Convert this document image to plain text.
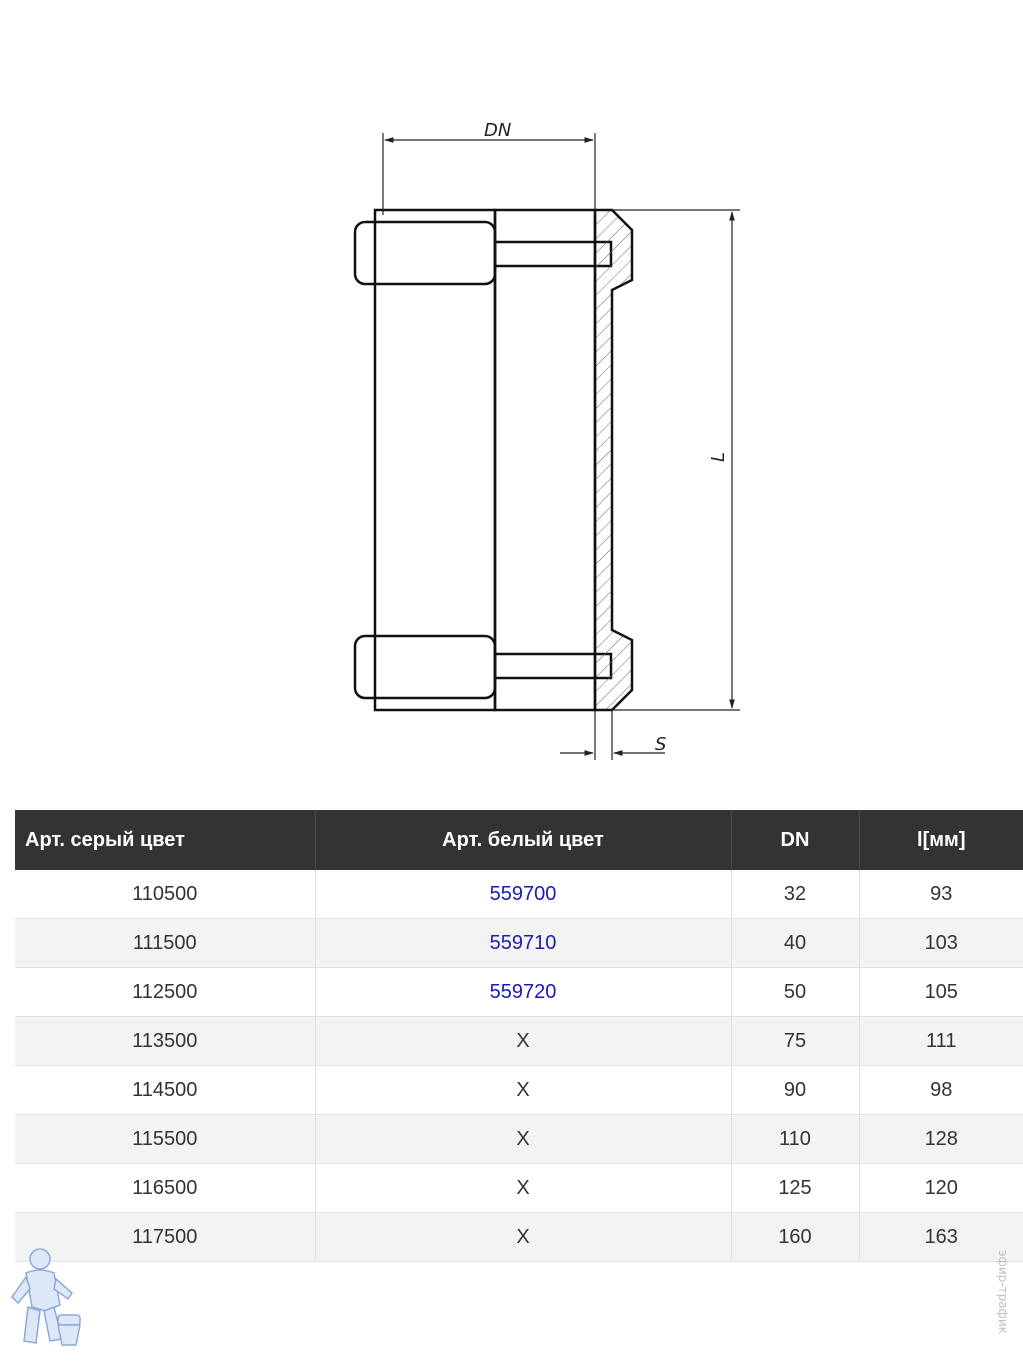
DN
L
S
Арт. серый цвет	Арт. белый цвет	DN	l[мм]
110500	559700	32	93
111500	559710	40	103
112500	559720	50	105
113500	X	75	111
114500	X	90	98
115500	X	110	128
116500	X	125	120
117500	X	160	163
эфир-трафик
